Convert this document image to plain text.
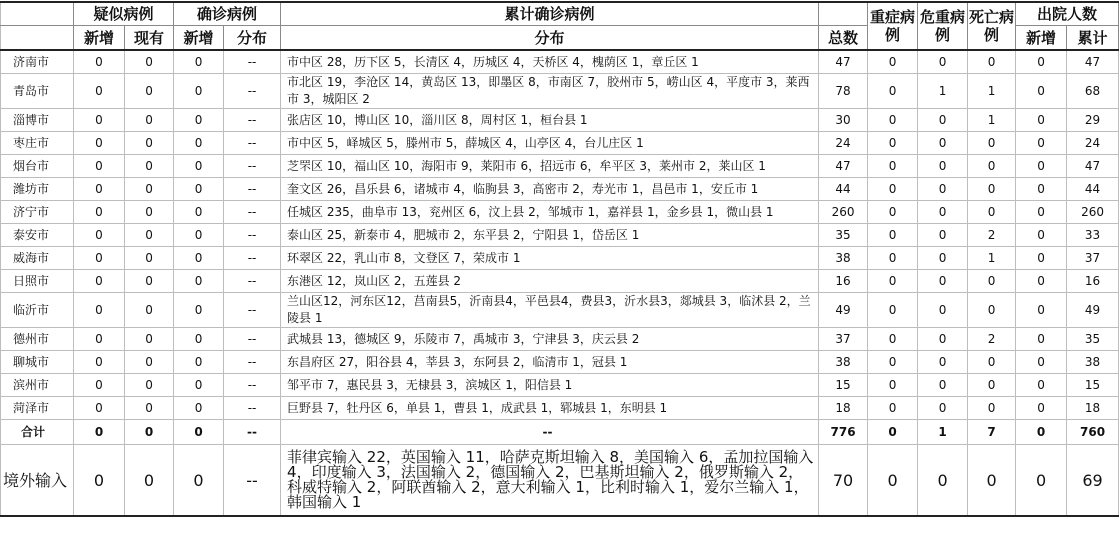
	疑似病例		确诊病例		累计确诊病例		重症病例	危重病例	死亡病例	出院人数	
	新增	现有	新增	分布	分布	总数				新增	累计
济南市	0	0	0	--	市中区 28，历下区 5，长清区 4，历城区 4，天桥区 4，槐荫区 1，章丘区 1	47	0	0	0	0	47
青岛市	0	0	0	--	市北区 19，李沧区 14，黄岛区 13，即墨区 8，市南区 7，胶州市 5，崂山区 4，平度市 3，莱西市 3，城阳区 2	78	0	1	1	0	68
淄博市	0	0	0	--	张店区 10，博山区 10，淄川区 8，周村区 1，桓台县 1	30	0	0	1	0	29
枣庄市	0	0	0	--	市中区 5，峄城区 5，滕州市 5，薛城区 4，山亭区 4，台儿庄区 1	24	0	0	0	0	24
烟台市	0	0	0	--	芝罘区 10，福山区 10，海阳市 9，莱阳市 6，招远市 6，牟平区 3，莱州市 2，莱山区 1	47	0	0	0	0	47
潍坊市	0	0	0	--	奎文区 26，昌乐县 6，诸城市 4，临朐县 3，高密市 2，寿光市 1，昌邑市 1，安丘市 1	44	0	0	0	0	44
济宁市	0	0	0	--	任城区 235，曲阜市 13，兖州区 6，汶上县 2，邹城市 1，嘉祥县 1，金乡县 1，微山县 1	260	0	0	0	0	260
泰安市	0	0	0	--	泰山区 25，新泰市 4，肥城市 2，东平县 2，宁阳县 1，岱岳区 1	35	0	0	2	0	33
威海市	0	0	0	--	环翠区 22，乳山市 8，文登区 7，荣成市 1	38	0	0	1	0	37
日照市	0	0	0	--	东港区 12，岚山区 2，五莲县 2	16	0	0	0	0	16
临沂市	0	0	0	--	兰山区12，河东区12，莒南县5，沂南县4，平邑县4，费县3，沂水县3，郯城县 3，临沭县 2，兰陵县 1	49	0	0	0	0	49
德州市	0	0	0	--	武城县 13，德城区 9，乐陵市 7，禹城市 3，宁津县 3，庆云县 2	37	0	0	2	0	35
聊城市	0	0	0	--	东昌府区 27，阳谷县 4，莘县 3，东阿县 2，临清市 1，冠县 1	38	0	0	0	0	38
滨州市	0	0	0	--	邹平市 7，惠民县 3，无棣县 3，滨城区 1，阳信县 1	15	0	0	0	0	15
菏泽市	0	0	0	--	巨野县 7，牡丹区 6，单县 1，曹县 1，成武县 1，郓城县 1，东明县 1	18	0	0	0	0	18
合计	0	0	0	--	--	776	0	1	7	0	760
境外输入	0	0	0	--	菲律宾输入 22，英国输入 11，哈萨克斯坦输入 8，美国输入 6，孟加拉国输入 4，印度输入 3，法国输入 2，德国输入 2，巴基斯坦输入 2，俄罗斯输入 2，科威特输入 2，阿联酋输入 2，意大利输入 1，比利时输入 1，爱尔兰输入 1，韩国输入 1	70	0	0	0	0	69
